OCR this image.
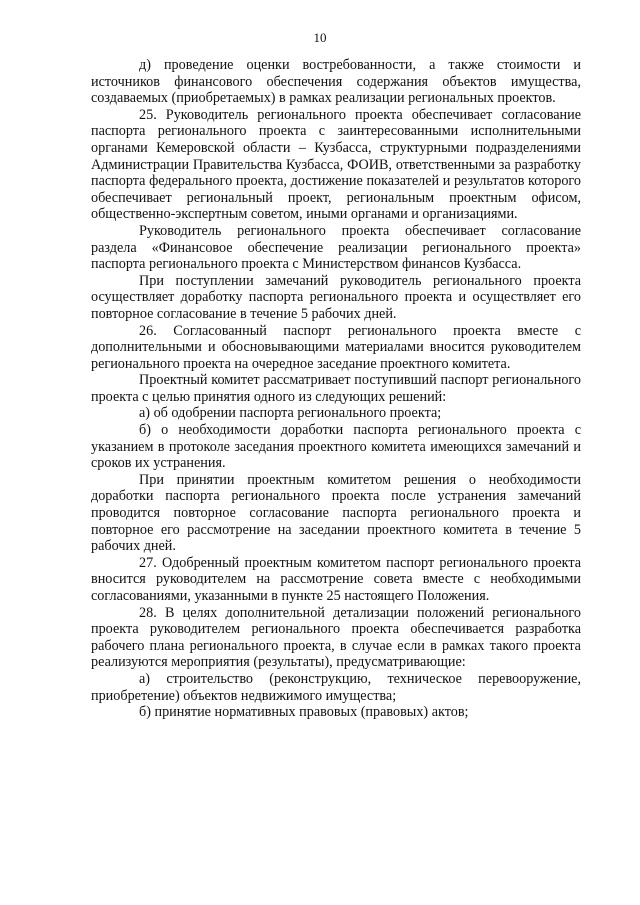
10

д) проведение оценки востребованности, а также стоимости и источников финансового обеспечения содержания объектов имущества, создаваемых (приобретаемых) в рамках реализации региональных проектов.

25. Руководитель регионального проекта обеспечивает согласование паспорта регионального проекта с заинтересованными исполнительными органами Кемеровской области – Кузбасса, структурными подразделениями Администрации Правительства Кузбасса, ФОИВ, ответственными за разработку паспорта федерального проекта, достижение показателей и результатов которого обеспечивает региональный проект, региональным проектным офисом, общественно-экспертным советом, иными органами и организациями.

Руководитель регионального проекта обеспечивает согласование раздела «Финансовое обеспечение реализации регионального проекта» паспорта регионального проекта с Министерством финансов Кузбасса.

При поступлении замечаний руководитель регионального проекта осуществляет доработку паспорта регионального проекта и осуществляет его повторное согласование в течение 5 рабочих дней.

26. Согласованный паспорт регионального проекта вместе с дополнительными и обосновывающими материалами вносится руководителем регионального проекта на очередное заседание проектного комитета.

Проектный комитет рассматривает поступивший паспорт регионального проекта с целью принятия одного из следующих решений:

а) об одобрении паспорта регионального проекта;

б) о необходимости доработки паспорта регионального проекта с указанием в протоколе заседания проектного комитета имеющихся замечаний и сроков их устранения.

При принятии проектным комитетом решения о необходимости доработки паспорта регионального проекта после устранения замечаний проводится повторное согласование паспорта регионального проекта и повторное его рассмотрение на заседании проектного комитета в течение 5 рабочих дней.

27. Одобренный проектным комитетом паспорт регионального проекта вносится руководителем на рассмотрение совета вместе с необходимыми согласованиями, указанными в пункте 25 настоящего Положения.

28. В целях дополнительной детализации положений регионального проекта руководителем регионального проекта обеспечивается разработка рабочего плана регионального проекта, в случае если в рамках такого проекта реализуются мероприятия (результаты), предусматривающие:

а) строительство (реконструкцию, техническое перевооружение, приобретение) объектов недвижимого имущества;

б) принятие нормативных правовых (правовых) актов;
